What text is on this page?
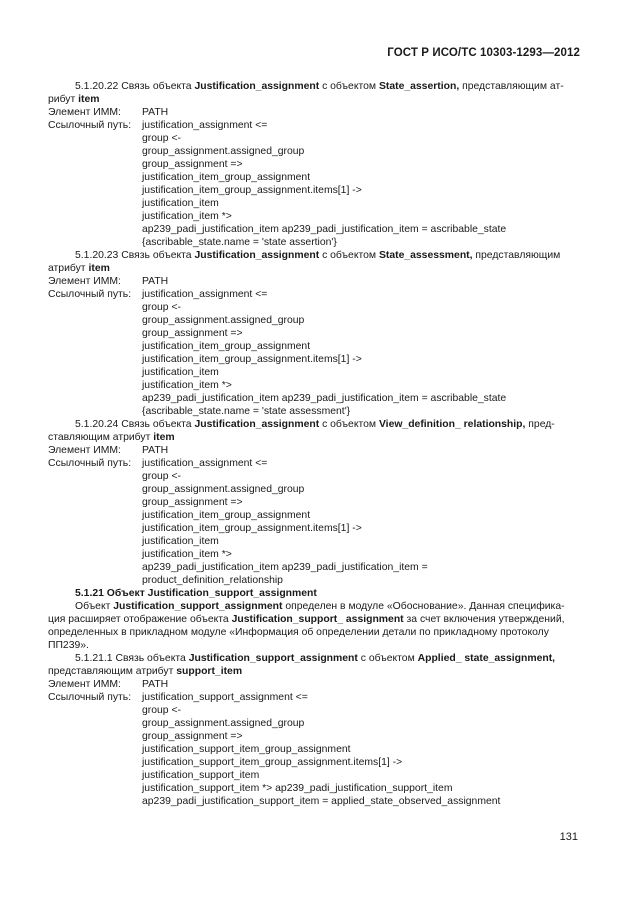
ГОСТ Р ИСО/ТС 10303-1293—2012
5.1.20.22 Связь объекта Justification_assignment с объектом State_assertion, представляющим ат-
рибут item
Элемент ИММ:	PATH
Ссылочный путь:	justification_assignment <=
group <-
group_assignment.assigned_group
group_assignment =>
justification_item_group_assignment
justification_item_group_assignment.items[1] ->
justification_item
justification_item *>
ap239_padi_justification_item ap239_padi_justification_item = ascribable_state
{ascribable_state.name = 'state assertion'}
5.1.20.23 Связь объекта Justification_assignment с объектом State_assessment, представляющим
атрибут item
Элемент ИММ:	PATH
Ссылочный путь:	justification_assignment <=
group <-
group_assignment.assigned_group
group_assignment =>
justification_item_group_assignment
justification_item_group_assignment.items[1] ->
justification_item
justification_item *>
ap239_padi_justification_item ap239_padi_justification_item = ascribable_state
{ascribable_state.name = 'state assessment'}
5.1.20.24 Связь объекта Justification_assignment с объектом View_definition_ relationship, пред-
ставляющим атрибут item
Элемент ИММ:	PATH
Ссылочный путь:	justification_assignment <=
group <-
group_assignment.assigned_group
group_assignment =>
justification_item_group_assignment
justification_item_group_assignment.items[1] ->
justification_item
justification_item *>
ap239_padi_justification_item ap239_padi_justification_item =
product_definition_relationship
5.1.21 Объект Justification_support_assignment
Объект Justification_support_assignment определен в модуле «Обоснование». Данная специфика-
ция расширяет отображение объекта Justification_support_ assignment за счет включения утверждений,
определенных в прикладном модуле «Информация об определении детали по прикладному протоколу
ПП239».
5.1.21.1 Связь объекта Justification_support_assignment с объектом Applied_ state_assignment,
представляющим атрибут support_item
Элемент ИММ:	PATH
Ссылочный путь:	justification_support_assignment <=
group <-
group_assignment.assigned_group
group_assignment =>
justification_support_item_group_assignment
justification_support_item_group_assignment.items[1] ->
justification_support_item
justification_support_item *> ap239_padi_justification_support_item
ap239_padi_justification_support_item = applied_state_observed_assignment
131
